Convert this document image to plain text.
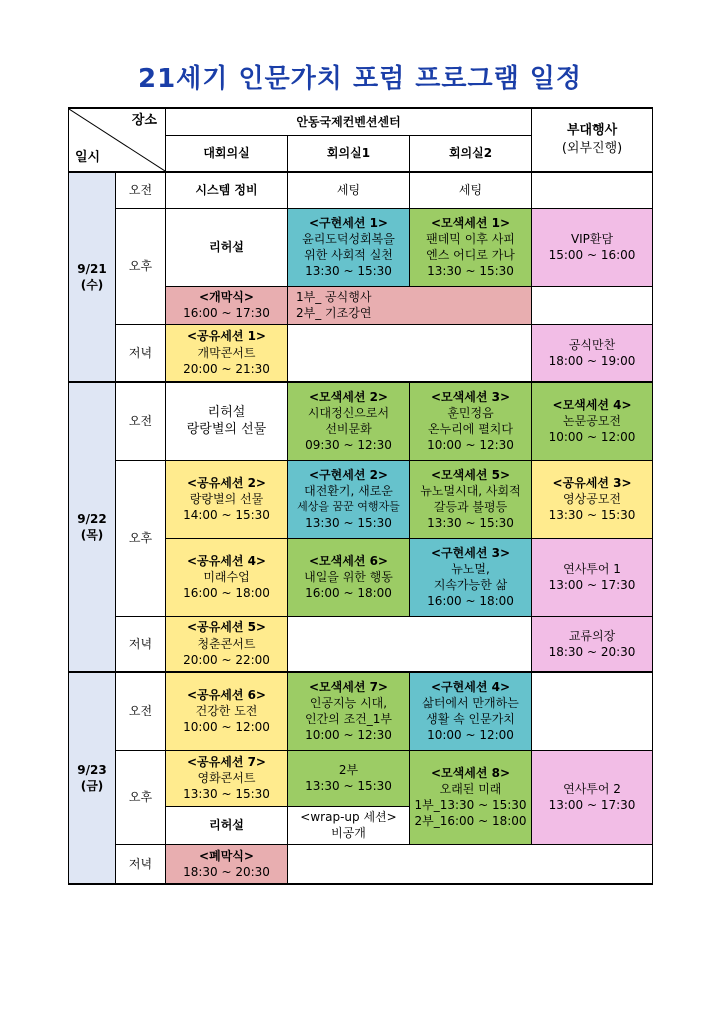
21세기 인문가치 포럼 프로그램 일정
장소
일시		안동국제컨벤션센터			부대행사
(외부진행)

		대회의실	회의실1	회의실2	

9/21
(수)	오전	시스템 정비	세팅	세팅	
	오후	리허설	<구현세션 1>
윤리도덕성회복을
위한 사회적 실천
13:30 ~ 15:30	<모색세션 1>
팬데믹 이후 사피
엔스 어디로 가나
13:30 ~ 15:30	VIP환담
15:00 ~ 16:00

		<개막식>
16:00 ~ 17:30	1부_ 공식행사
2부_ 기조강연		

	저녁	<공유세션 1>
개막콘서트
20:00 ~ 21:30			공식만찬
18:00 ~ 19:00

9/22
(목)	오전	리허설
랑랑별의 선물	<모색세션 2>
시대정신으로서
선비문화
09:30 ~ 12:30	<모색세션 3>
훈민정음
온누리에 펼치다
10:00 ~ 12:30	<모색세션 4>
논문공모전
10:00 ~ 12:00

	오후	<공유세션 2>
랑랑별의 선물
14:00 ~ 15:30	<구현세션 2>
대전환기, 새로운
세상을 꿈꾼 여행자들
13:30 ~ 15:30	<모색세션 5>
뉴노멀시대, 사회적
갈등과 불평등
13:30 ~ 15:30	<공유세션 3>
영상공모전
13:30 ~ 15:30

		<공유세션 4>
미래수업
16:00 ~ 18:00	<모색세션 6>
내일을 위한 행동
16:00 ~ 18:00	<구현세션 3>
뉴노멀,
지속가능한 삶
16:00 ~ 18:00	연사투어 1
13:00 ~ 17:30

	저녁	<공유세션 5>
청춘콘서트
20:00 ~ 22:00			교류의장
18:30 ~ 20:30

9/23
(금)	오전	<공유세션 6>
건강한 도전
10:00 ~ 12:00	<모색세션 7>
인공지능 시대,
인간의 조건_1부
10:00 ~ 12:30	<구현세션 4>
삶터에서 만개하는
생활 속 인문가치
10:00 ~ 12:00	

	오후	<공유세션 7>
영화콘서트
13:30 ~ 15:30	2부
13:30 ~ 15:30	<모색세션 8>
오래된 미래
1부_13:30 ~ 15:30
2부_16:00 ~ 18:00	연사투어 2
13:00 ~ 17:30

		리허설	<wrap-up 세션>
비공개		

	저녁	<폐막식>
18:30 ~ 20:30			
